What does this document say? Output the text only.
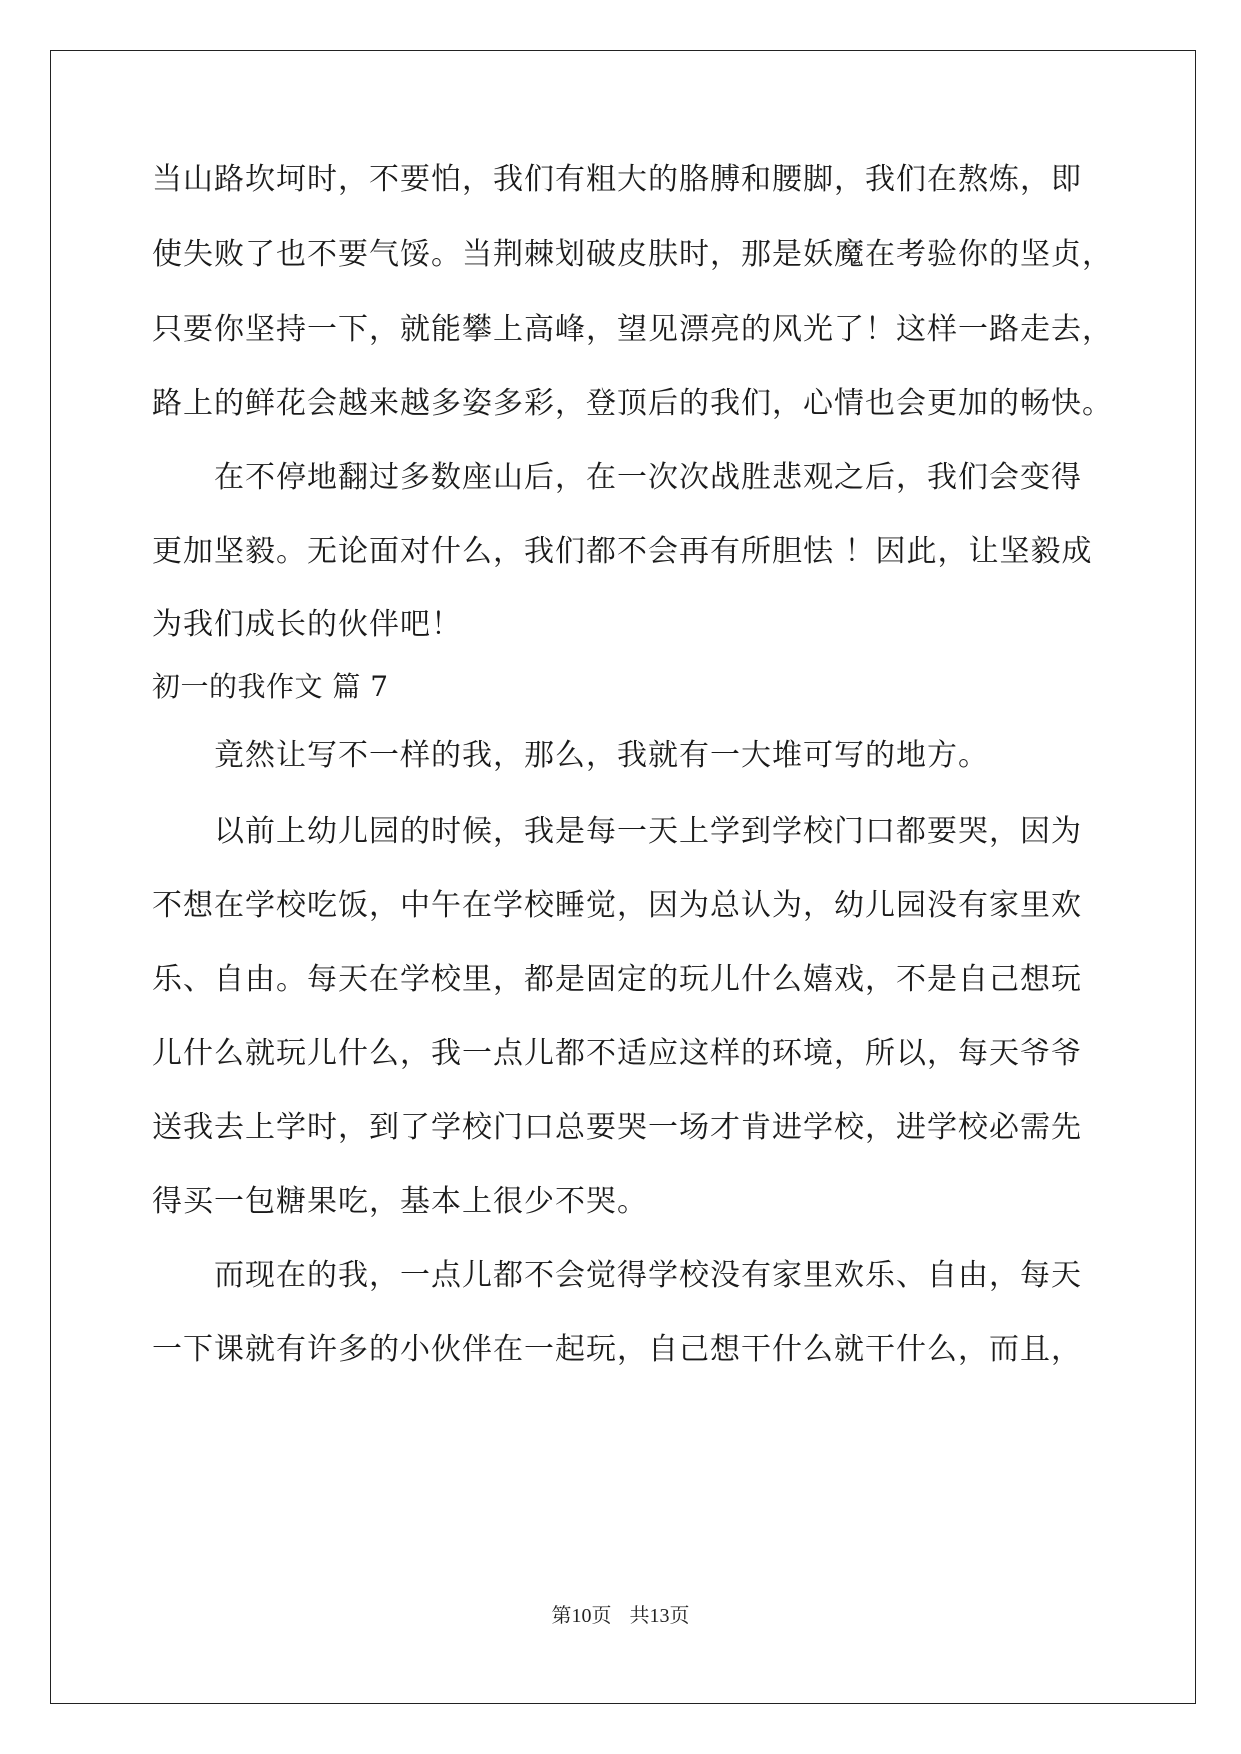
当山路坎坷时，不要怕，我们有粗大的胳膊和腰脚，我们在熬炼，即
使失败了也不要气馁。当荆棘划破皮肤时，那是妖魔在考验你的坚贞，
只要你坚持一下，就能攀上高峰，望见漂亮的风光了！这样一路走去，
路上的鲜花会越来越多姿多彩，登顶后的我们，心情也会更加的畅快。
在不停地翻过多数座山后，在一次次战胜悲观之后，我们会变得
更加坚毅。无论面对什么，我们都不会再有所胆怯 ！因此，让坚毅成
为我们成长的伙伴吧！
初一的我作文 篇 7
竟然让写不一样的我，那么，我就有一大堆可写的地方。
以前上幼儿园的时候，我是每一天上学到学校门口都要哭，因为
不想在学校吃饭，中午在学校睡觉，因为总认为，幼儿园没有家里欢
乐、自由。每天在学校里，都是固定的玩儿什么嬉戏，不是自己想玩
儿什么就玩儿什么，我一点儿都不适应这样的环境，所以，每天爷爷
送我去上学时，到了学校门口总要哭一场才肯进学校，进学校必需先
得买一包糖果吃，基本上很少不哭。
而现在的我，一点儿都不会觉得学校没有家里欢乐、自由，每天
一下课就有许多的小伙伴在一起玩，自己想干什么就干什么，而且，
第10页 共13页
